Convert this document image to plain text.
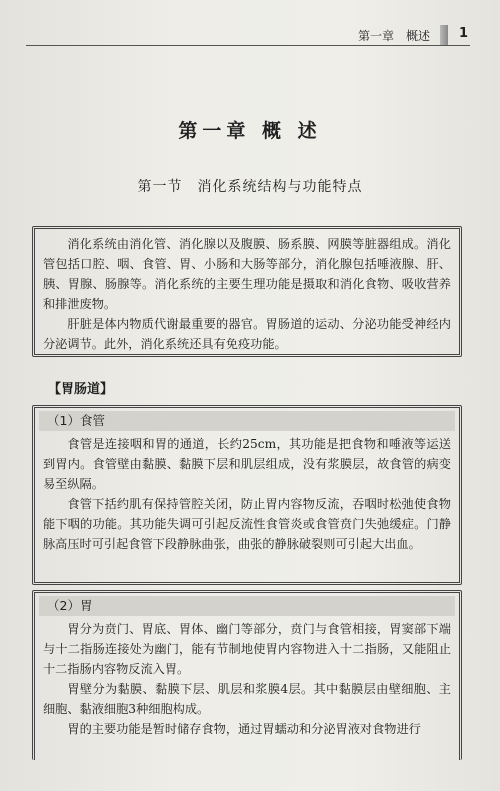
第一章　概述 1
第一章 概 述
第一节　消化系统结构与功能特点

消化系统由消化管、消化腺以及腹膜、肠系膜、网膜等脏器组成。消化管包括口腔、咽、食管、胃、小肠和大肠等部分，消化腺包括唾液腺、肝、胰、胃腺、肠腺等。消化系统的主要生理功能是摄取和消化食物、吸收营养和排泄废物。

肝脏是体内物质代谢最重要的器官。胃肠道的运动、分泌功能受神经内分泌调节。此外，消化系统还具有免疫功能。

【胃肠道】
（1）食管

食管是连接咽和胃的通道，长约25cm，其功能是把食物和唾液等运送到胃内。食管壁由黏膜、黏膜下层和肌层组成，没有浆膜层，故食管的病变易至纵隔。

食管下括约肌有保持管腔关闭，防止胃内容物反流，吞咽时松弛使食物能下咽的功能。其功能失调可引起反流性食管炎或食管贲门失弛缓症。门静脉高压时可引起食管下段静脉曲张，曲张的静脉破裂则可引起大出血。

（2）胃

胃分为贲门、胃底、胃体、幽门等部分，贲门与食管相接，胃窦部下端与十二指肠连接处为幽门，能有节制地使胃内容物进入十二指肠，又能阻止十二指肠内容物反流入胃。

胃壁分为黏膜、黏膜下层、肌层和浆膜4层。其中黏膜层由壁细胞、主细胞、黏液细胞3种细胞构成。

胃的主要功能是暂时储存食物，通过胃蠕动和分泌胃液对食物进行
